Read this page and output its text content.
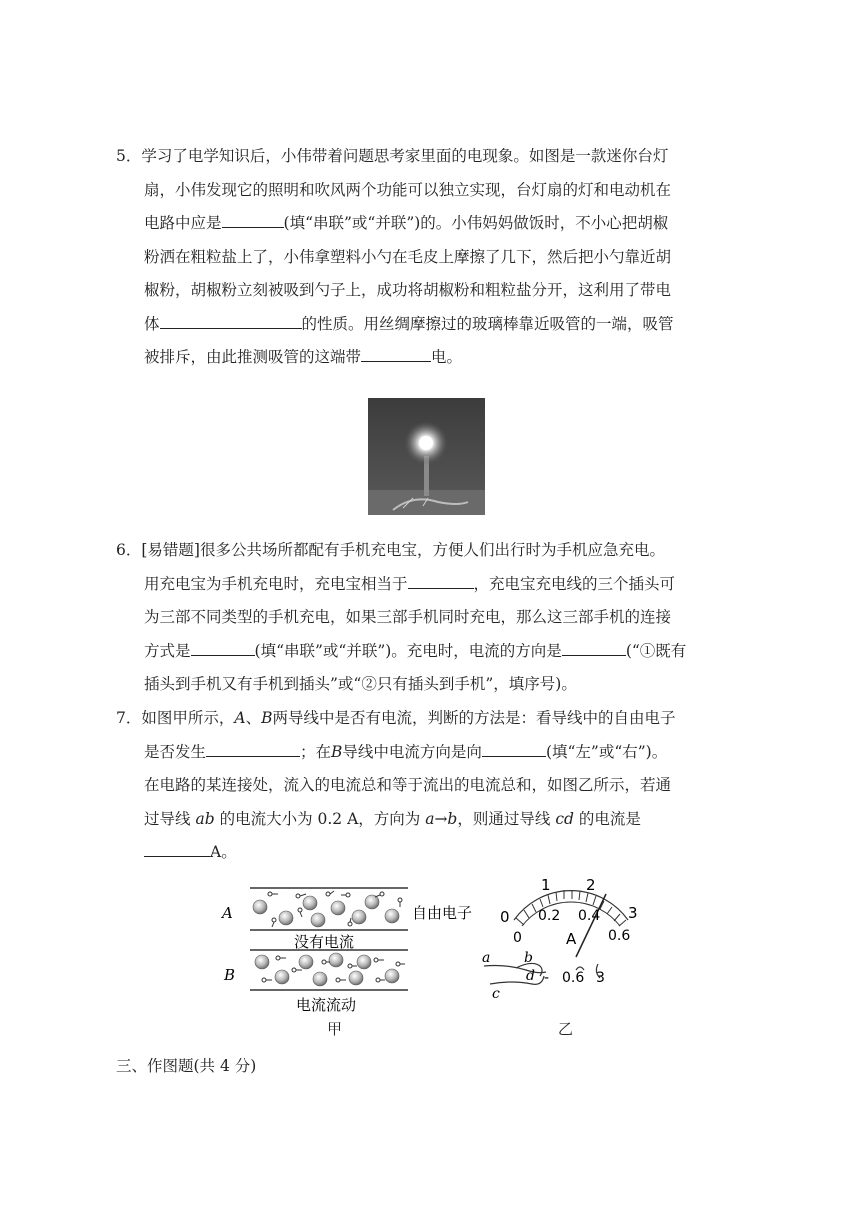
5．学习了电学知识后，小伟带着问题思考家里面的电现象。如图是一款迷你台灯
扇，小伟发现它的照明和吹风两个功能可以独立实现，台灯扇的灯和电动机在
电路中应是	(填“串联”或“并联”)的。小伟妈妈做饭时，不小心把胡椒
粉洒在粗粒盐上了，小伟拿塑料小勺在毛皮上摩擦了几下，然后把小勺靠近胡
椒粉，胡椒粉立刻被吸到勺子上，成功将胡椒粉和粗粒盐分开，这利用了带电
体	的性质。用丝绸摩擦过的玻璃棒靠近吸管的一端，吸管
被排斥，由此推测吸管的这端带	电。
6．[易错题]很多公共场所都配有手机充电宝，方便人们出行时为手机应急充电。
用充电宝为手机充电时，充电宝相当于	，充电宝充电线的三个插头可
为三部不同类型的手机充电，如果三部手机同时充电，那么这三部手机的连接
方式是	(填“串联”或“并联”)。充电时，电流的方向是	(“①既有
插头到手机又有手机到插头”或“②只有插头到手机”，填序号)。
7．如图甲所示，A、B两导线中是否有电流，判断的方法是：看导线中的自由电子
是否发生	；在B导线中电流方向是向	(填“左”或“右”)。
在电路的某连接处，流入的电流总和等于流出的电流总和，如图乙所示，若通
过导线 ab 的电流大小为 0.2 A，方向为 a→b，则通过导线 cd 的电流是
A。
A
B
自由电子
没有电流
电流流动
甲
0
1 2
3
0
0.2 0.4
0.6
A
a b
c
d - 0.6 3
乙
三、作图题(共 4 分)
